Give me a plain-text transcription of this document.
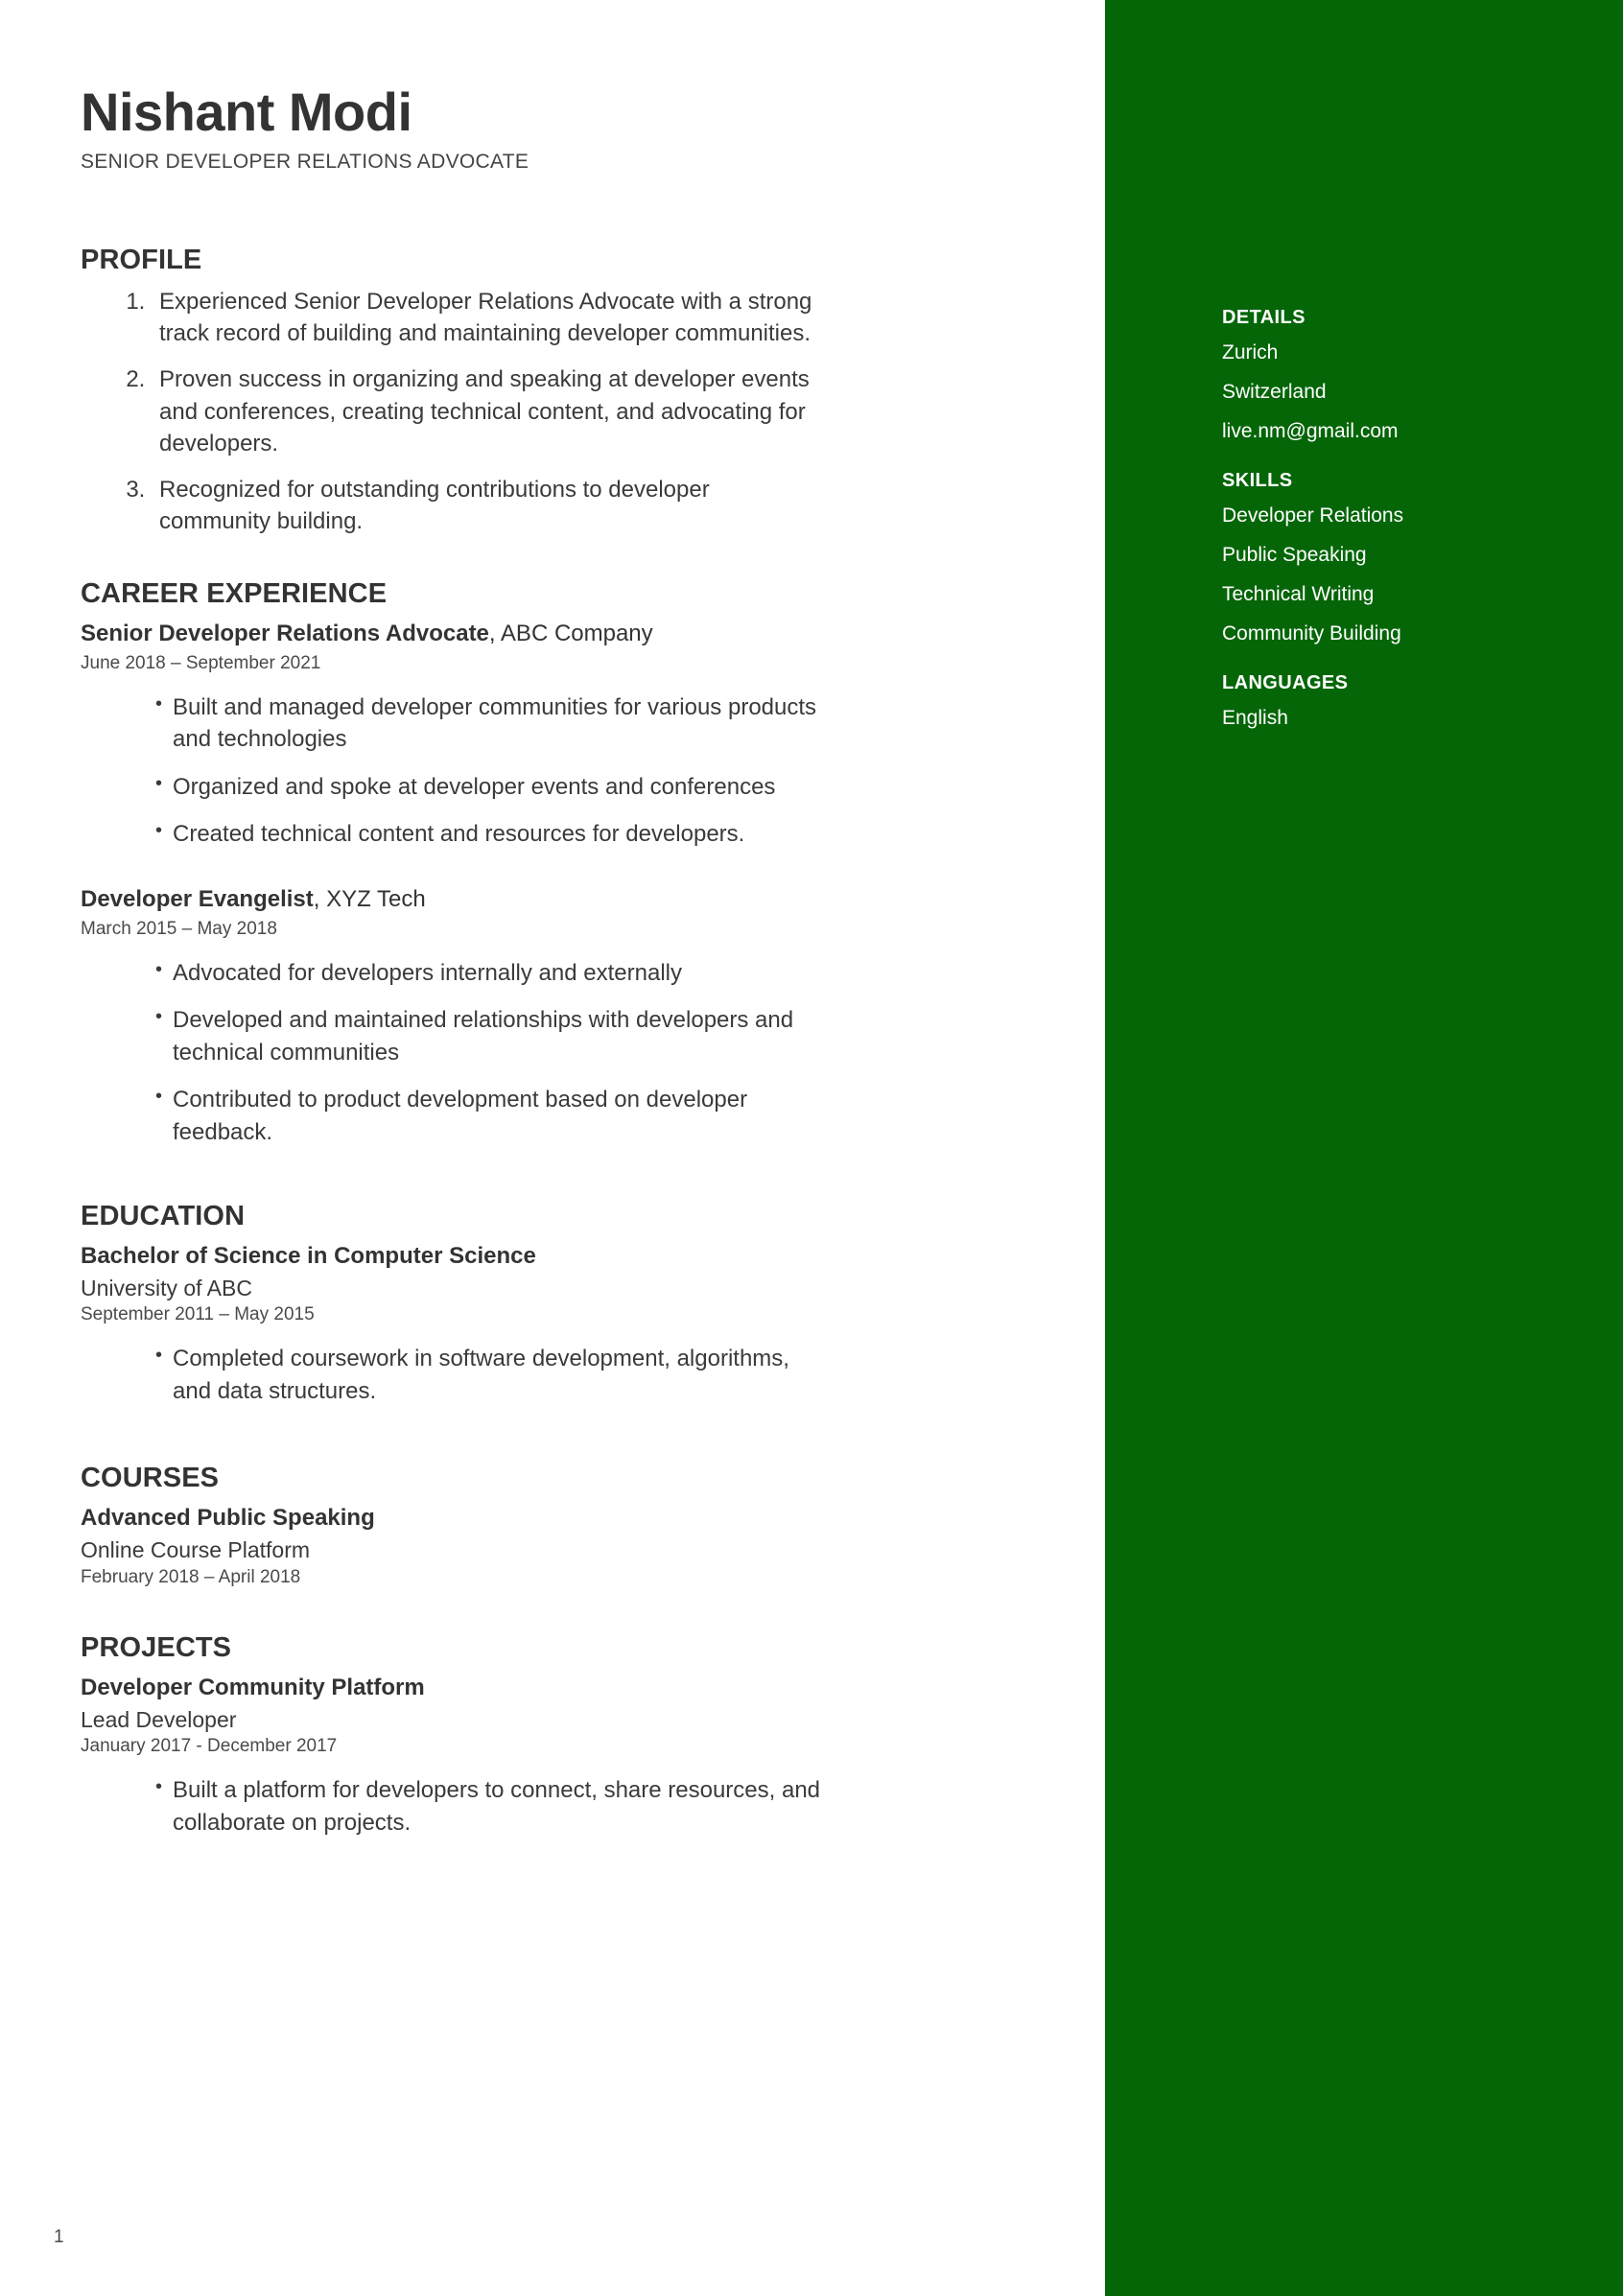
Nishant Modi
SENIOR DEVELOPER RELATIONS ADVOCATE
PROFILE
1. Experienced Senior Developer Relations Advocate with a strong track record of building and maintaining developer communities.
2. Proven success in organizing and speaking at developer events and conferences, creating technical content, and advocating for developers.
3. Recognized for outstanding contributions to developer community building.
CAREER EXPERIENCE
Senior Developer Relations Advocate, ABC Company
June 2018 – September 2021
• Built and managed developer communities for various products and technologies
• Organized and spoke at developer events and conferences
• Created technical content and resources for developers.
Developer Evangelist, XYZ Tech
March 2015 – May 2018
• Advocated for developers internally and externally
• Developed and maintained relationships with developers and technical communities
• Contributed to product development based on developer feedback.
EDUCATION
Bachelor of Science in Computer Science
University of ABC
September 2011 – May 2015
• Completed coursework in software development, algorithms, and data structures.
COURSES
Advanced Public Speaking
Online Course Platform
February 2018 – April 2018
PROJECTS
Developer Community Platform
Lead Developer
January 2017 - December 2017
• Built a platform for developers to connect, share resources, and collaborate on projects.
DETAILS
Zurich
Switzerland
live.nm@gmail.com
SKILLS
Developer Relations
Public Speaking
Technical Writing
Community Building
LANGUAGES
English
1
